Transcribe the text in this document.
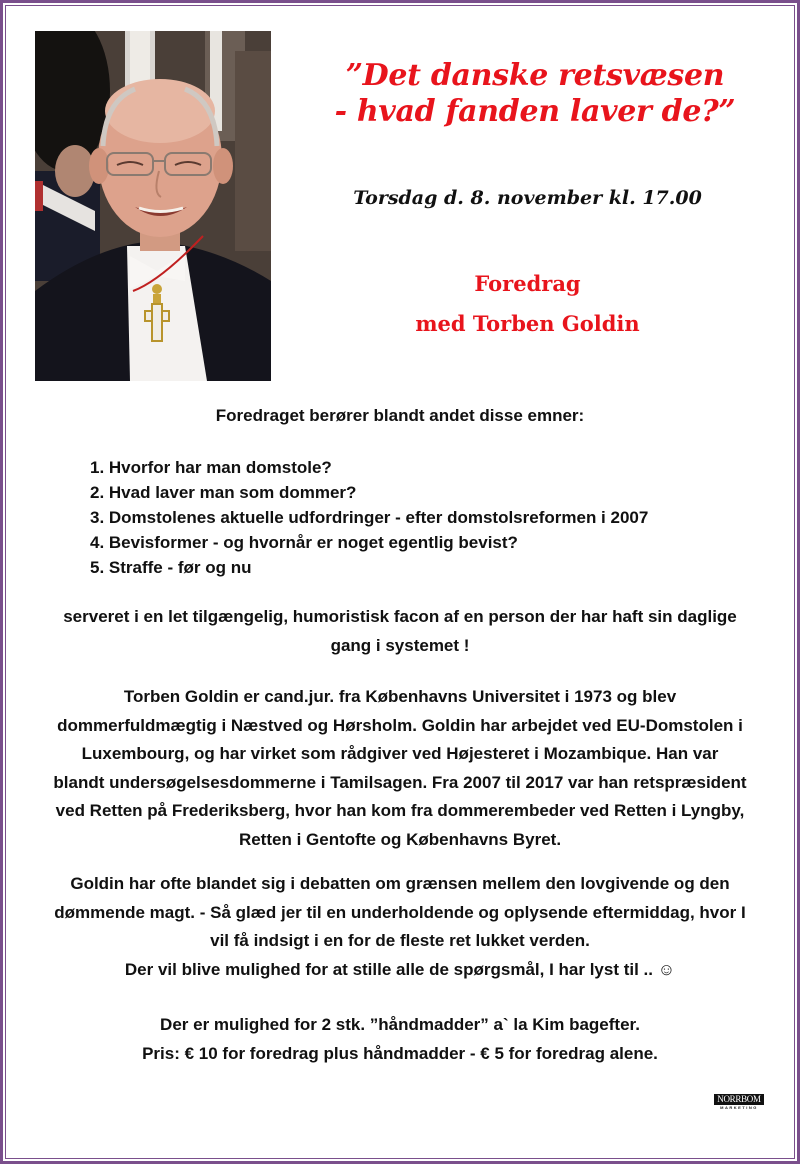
”Det danske retsvæsen
- hvad fanden laver de?”
Torsdag d. 8. november kl. 17.00
Foredrag
med Torben Goldin
Foredraget berører blandt andet disse emner:
1. Hvorfor har man domstole?
2. Hvad laver man som dommer?
3. Domstolenes aktuelle udfordringer - efter domstolsreformen i 2007
4. Bevisformer - og hvornår er noget egentlig bevist?
5. Straffe - før og nu
serveret i en let tilgængelig, humoristisk facon af en person der har haft sin daglige
gang i systemet !
Torben Goldin er cand.jur. fra Københavns Universitet i 1973 og blev
dommerfuldmægtig i Næstved og Hørsholm. Goldin har arbejdet ved EU-Domstolen i
Luxembourg, og har virket som rådgiver ved Højesteret i Mozambique. Han var
blandt undersøgelsesdommerne i Tamilsagen. Fra 2007 til 2017 var han retspræsident
ved Retten på Frederiksberg, hvor han kom fra dommerembeder ved Retten i Lyngby,
Retten i Gentofte og Københavns Byret.
Goldin har ofte blandet sig i debatten om grænsen mellem den lovgivende og den
dømmende magt. - Så glæd jer til en underholdende og oplysende eftermiddag, hvor I
vil få indsigt i en for de fleste ret lukket verden.
Der vil blive mulighed for at stille alle de spørgsmål, I har lyst til .. ☺
Der er mulighed for 2 stk. ”håndmadder” a` la Kim bagefter.
Pris: € 10 for foredrag plus håndmadder - € 5 for foredrag alene.
NORRBOM
MARKETING
